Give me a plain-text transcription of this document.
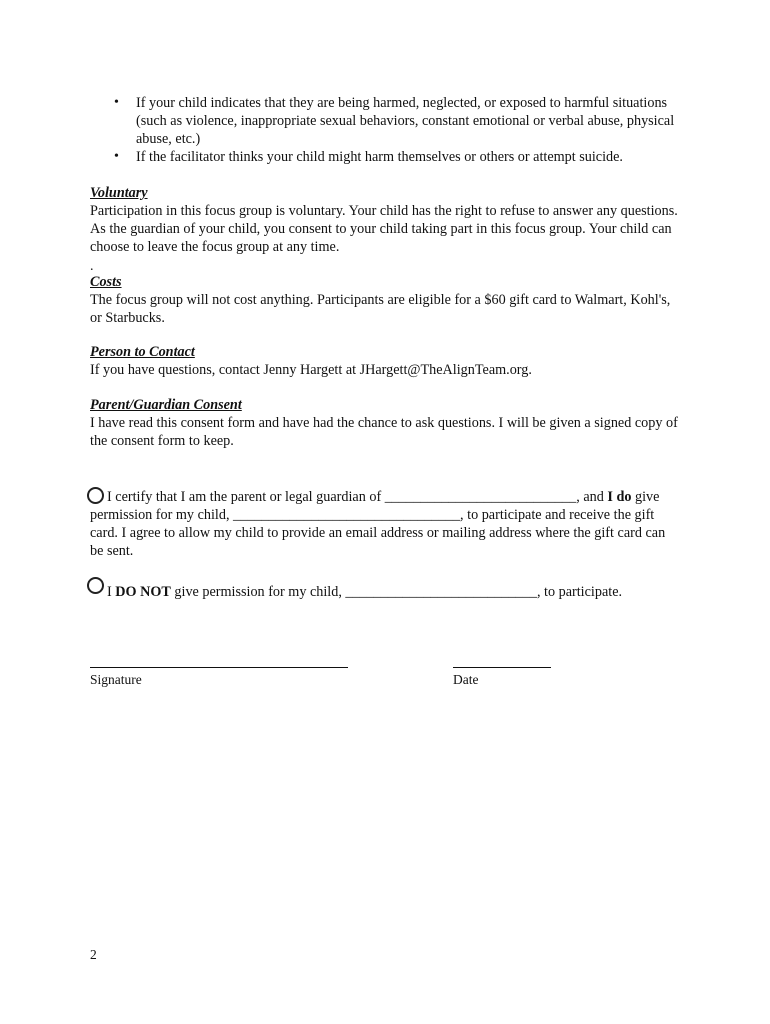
• If your child indicates that they are being harmed, neglected, or exposed to harmful situations (such as violence, inappropriate sexual behaviors, constant emotional or verbal abuse, physical abuse, etc.)
• If the facilitator thinks your child might harm themselves or others or attempt suicide.
Voluntary
Participation in this focus group is voluntary. Your child has the right to refuse to answer any questions. As the guardian of your child, you consent to your child taking part in this focus group. Your child can choose to leave the focus group at any time.
.
Costs
The focus group will not cost anything. Participants are eligible for a $60 gift card to Walmart, Kohl's, or Starbucks.
Person to Contact
If you have questions, contact Jenny Hargett at JHargett@TheAlignTeam.org.
Parent/Guardian Consent
I have read this consent form and have had the chance to ask questions. I will be given a signed copy of the consent form to keep.
I certify that I am the parent or legal guardian of ___________________________, and I do give permission for my child, ________________________________, to participate and receive the gift card. I agree to allow my child to provide an email address or mailing address where the gift card can be sent.
I DO NOT give permission for my child, ___________________________, to participate.
Signature	Date
2
